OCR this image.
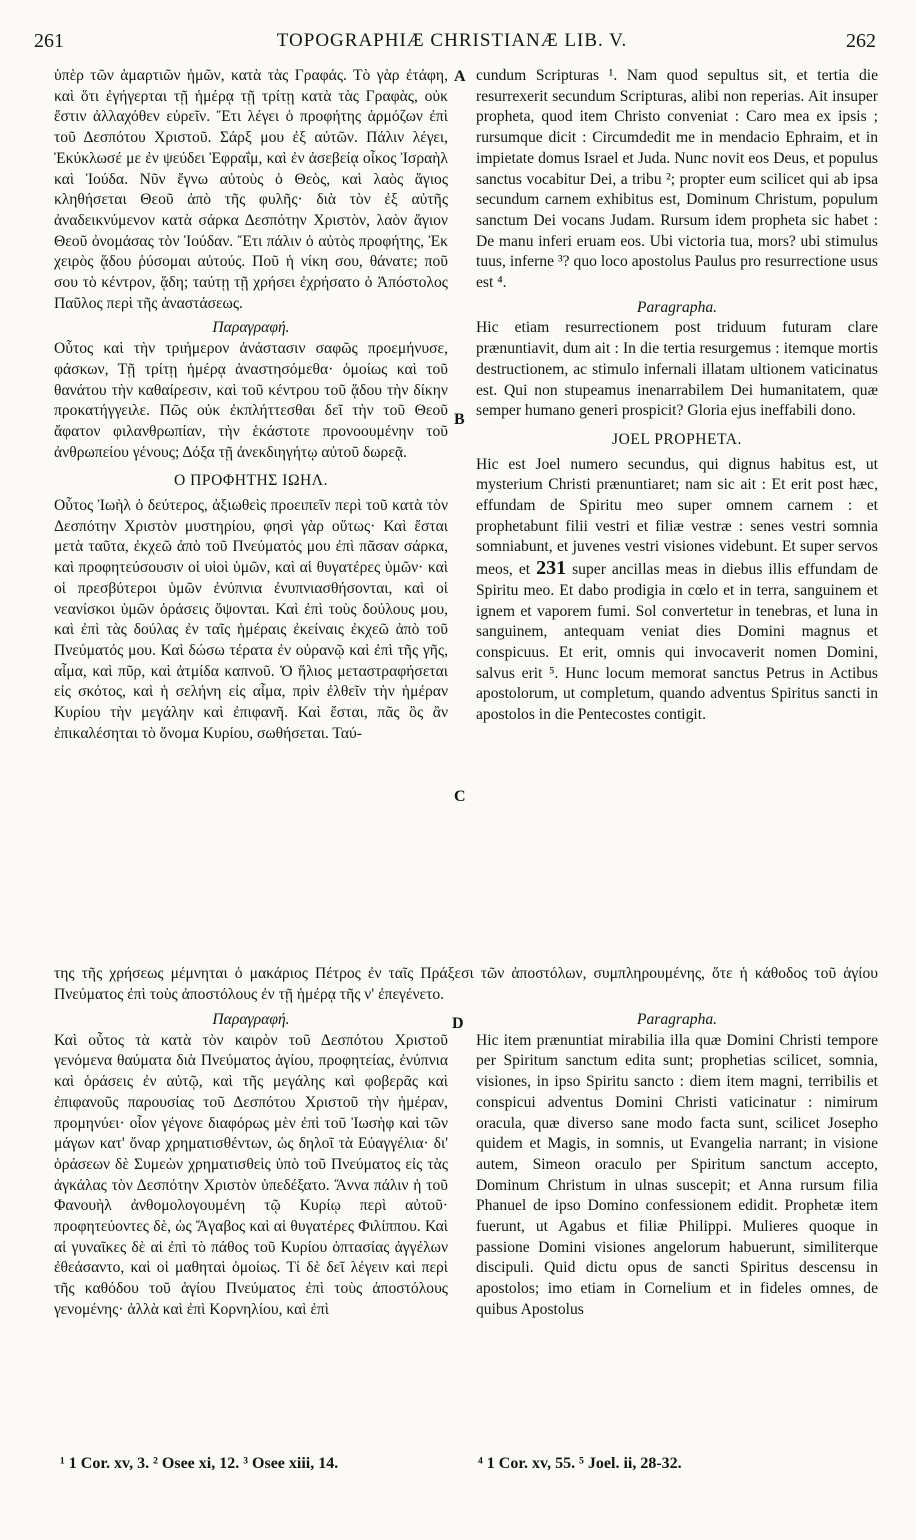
261	TOPOGRAPHIÆ CHRISTIANÆ LIB. V.	262
A
B
C
D

ὑπὲρ τῶν ἁμαρτιῶν ἡμῶν, κατὰ τὰς Γραφάς. Τὸ γὰρ ἐτάφη, καὶ ὅτι ἐγήγερται τῇ ἡμέρᾳ τῇ τρίτῃ κατὰ τὰς Γραφὰς, οὐκ ἔστιν ἀλλαχόθεν εὑρεῖν. Ἔτι λέγει ὁ προφήτης ἁρμόζων ἐπὶ τοῦ Δεσπότου Χριστοῦ. Σάρξ μου ἐξ αὐτῶν. Πάλιν λέγει, Ἐκύκλωσέ με ἐν ψεύδει Ἐφραΐμ, καὶ ἐν ἀσεβείᾳ οἶκος Ἰσραὴλ καὶ Ἰούδα. Νῦν ἔγνω αὐτοὺς ὁ Θεὸς, καὶ λαὸς ἅγιος κληθήσεται Θεοῦ ἀπὸ τῆς φυλῆς· διὰ τὸν ἐξ αὐτῆς ἀναδεικνύμενον κατὰ σάρκα Δεσπότην Χριστὸν, λαὸν ἅγιον Θεοῦ ὀνομάσας τὸν Ἰούδαν. Ἔτι πάλιν ὁ αὐτὸς προφήτης, Ἐκ χειρὸς ᾅδου ῥύσομαι αὐτούς. Ποῦ ἡ νίκη σου, θάνατε; ποῦ σου τὸ κέντρον, ᾅδη; ταύτῃ τῇ χρήσει ἐχρήσατο ὁ Ἀπόστολος Παῦλος περὶ τῆς ἀναστάσεως.

Παραγραφή.

Οὗτος καὶ τὴν τριήμερον ἀνάστασιν σαφῶς προεμήνυσε, φάσκων, Τῇ τρίτῃ ἡμέρᾳ ἀναστησόμεθα· ὁμοίως καὶ τοῦ θανάτου τὴν καθαίρεσιν, καὶ τοῦ κέντρου τοῦ ᾅδου τὴν δίκην προκατήγγειλε. Πῶς οὐκ ἐκπλήττεσθαι δεῖ τὴν τοῦ Θεοῦ ἄφατον φιλανθρωπίαν, τὴν ἑκάστοτε προνοουμένην τοῦ ἀνθρωπείου γένους; Δόξα τῇ ἀνεκδιηγήτῳ αὐτοῦ δωρεᾷ.

Ο ΠΡΟΦΗΤΗΣ ΙΩΗΛ.

Οὗτος Ἰωὴλ ὁ δεύτερος, ἀξιωθεὶς προειπεῖν περὶ τοῦ κατὰ τὸν Δεσπότην Χριστὸν μυστηρίου, φησὶ γὰρ οὕτως· Καὶ ἔσται μετὰ ταῦτα, ἐκχεῶ ἀπὸ τοῦ Πνεύματός μου ἐπὶ πᾶσαν σάρκα, καὶ προφητεύσουσιν οἱ υἱοὶ ὑμῶν, καὶ αἱ θυγατέρες ὑμῶν· καὶ οἱ πρεσβύτεροι ὑμῶν ἐνύπνια ἐνυπνιασθήσονται, καὶ οἱ νεανίσκοι ὑμῶν ὁράσεις ὄψονται. Καὶ ἐπὶ τοὺς δούλους μου, καὶ ἐπὶ τὰς δούλας ἐν ταῖς ἡμέραις ἐκείναις ἐκχεῶ ἀπὸ τοῦ Πνεύματός μου. Καὶ δώσω τέρατα ἐν οὐρανῷ καὶ ἐπὶ τῆς γῆς, αἷμα, καὶ πῦρ, καὶ ἀτμίδα καπνοῦ. Ὁ ἥλιος μεταστραφήσεται εἰς σκότος, καὶ ἡ σελήνη εἰς αἷμα, πρὶν ἐλθεῖν τὴν ἡμέραν Κυρίου τὴν μεγάλην καὶ ἐπιφανῆ. Καὶ ἔσται, πᾶς ὃς ἂν ἐπικαλέσηται τὸ ὄνομα Κυρίου, σωθήσεται. Ταύ-

cundum Scripturas ¹. Nam quod sepultus sit, et tertia die resurrexerit secundum Scripturas, alibi non reperias. Ait insuper propheta, quod item Christo conveniat : Caro mea ex ipsis ; rursumque dicit : Circumdedit me in mendacio Ephraim, et in impietate domus Israel et Juda. Nunc novit eos Deus, et populus sanctus vocabitur Dei, a tribu ²; propter eum scilicet qui ab ipsa secundum carnem exhibitus est, Dominum Christum, populum sanctum Dei vocans Judam. Rursum idem propheta sic habet : De manu inferi eruam eos. Ubi victoria tua, mors? ubi stimulus tuus, inferne ³? quo loco apostolus Paulus pro resurrectione usus est ⁴.

Paragrapha.

Hic etiam resurrectionem post triduum futuram clare prænuntiavit, dum ait : In die tertia resurgemus : itemque mortis destructionem, ac stimulo infernali illatam ultionem vaticinatus est. Qui non stupeamus inenarrabilem Dei humanitatem, quæ semper humano generi prospicit? Gloria ejus ineffabili dono.

JOEL PROPHETA.

Hic est Joel numero secundus, qui dignus habitus est, ut mysterium Christi prænuntiaret; nam sic ait : Et erit post hæc, effundam de Spiritu meo super omnem carnem : et prophetabunt filii vestri et filiæ vestræ : senes vestri somnia somniabunt, et juvenes vestri visiones videbunt. Et super servos meos, et 231 super ancillas meas in diebus illis effundam de Spiritu meo. Et dabo prodigia in cœlo et in terra, sanguinem et ignem et vaporem fumi. Sol convertetur in tenebras, et luna in sanguinem, antequam veniat dies Domini magnus et conspicuus. Et erit, omnis qui invocaverit nomen Domini, salvus erit ⁵. Hunc locum memorat sanctus Petrus in Actibus apostolorum, ut completum, quando adventus Spiritus sancti in apostolos in die Pentecostes contigit.

της τῆς χρήσεως μέμνηται ὁ μακάριος Πέτρος ἐν ταῖς Πράξεσι τῶν ἀποστόλων, συμπληρουμένης, ὅτε ἡ κάθοδος τοῦ ἁγίου Πνεύματος ἐπὶ τοὺς ἀποστόλους ἐν τῇ ἡμέρᾳ τῆς ν' ἐπεγένετο.

Παραγραφή.

Καὶ οὗτος τὰ κατὰ τὸν καιρὸν τοῦ Δεσπότου Χριστοῦ γενόμενα θαύματα διὰ Πνεύματος ἁγίου, προφητείας, ἐνύπνια καὶ ὁράσεις ἐν αὐτῷ, καὶ τῆς μεγάλης καὶ φοβερᾶς καὶ ἐπιφανοῦς παρουσίας τοῦ Δεσπότου Χριστοῦ τὴν ἡμέραν, προμηνύει· οἷον γέγονε διαφόρως μὲν ἐπὶ τοῦ Ἰωσὴφ καὶ τῶν μάγων κατ' ὄναρ χρηματισθέντων, ὡς δηλοῖ τὰ Εὐαγγέλια· δι' ὁράσεων δὲ Συμεὼν χρηματισθεὶς ὑπὸ τοῦ Πνεύματος εἰς τὰς ἀγκάλας τὸν Δεσπότην Χριστὸν ὑπεδέξατο. Ἄννα πάλιν ἡ τοῦ Φανουὴλ ἀνθομολογουμένη τῷ Κυρίῳ περὶ αὐτοῦ· προφητεύοντες δὲ, ὡς Ἄγαβος καὶ αἱ θυγατέρες Φιλίππου. Καὶ αἱ γυναῖκες δὲ αἱ ἐπὶ τὸ πάθος τοῦ Κυρίου ὀπτασίας ἀγγέλων ἐθεάσαντο, καὶ οἱ μαθηταὶ ὁμοίως. Τί δὲ δεῖ λέγειν καὶ περὶ τῆς καθόδου τοῦ ἁγίου Πνεύματος ἐπὶ τοὺς ἀποστόλους γενομένης· ἀλλὰ καὶ ἐπὶ Κορνηλίου, καὶ ἐπὶ

Paragrapha.

Hic item prænuntiat mirabilia illa quæ Domini Christi tempore per Spiritum sanctum edita sunt; prophetias scilicet, somnia, visiones, in ipso Spiritu sancto : diem item magni, terribilis et conspicui adventus Domini Christi vaticinatur : nimirum oracula, quæ diverso sane modo facta sunt, scilicet Josepho quidem et Magis, in somnis, ut Evangelia narrant; in visione autem, Simeon oraculo per Spiritum sanctum accepto, Dominum Christum in ulnas suscepit; et Anna rursum filia Phanuel de ipso Domino confessionem edidit. Prophetæ item fuerunt, ut Agabus et filiæ Philippi. Mulieres quoque in passione Domini visiones angelorum habuerunt, similiterque discipuli. Quid dictu opus de sancti Spiritus descensu in apostolos; imo etiam in Cornelium et in fideles omnes, de quibus Apostolus

¹ 1 Cor. xv, 3. ² Osee xi, 12. ³ Osee xiii, 14.	⁴ 1 Cor. xv, 55. ⁵ Joel. ii, 28-32.
